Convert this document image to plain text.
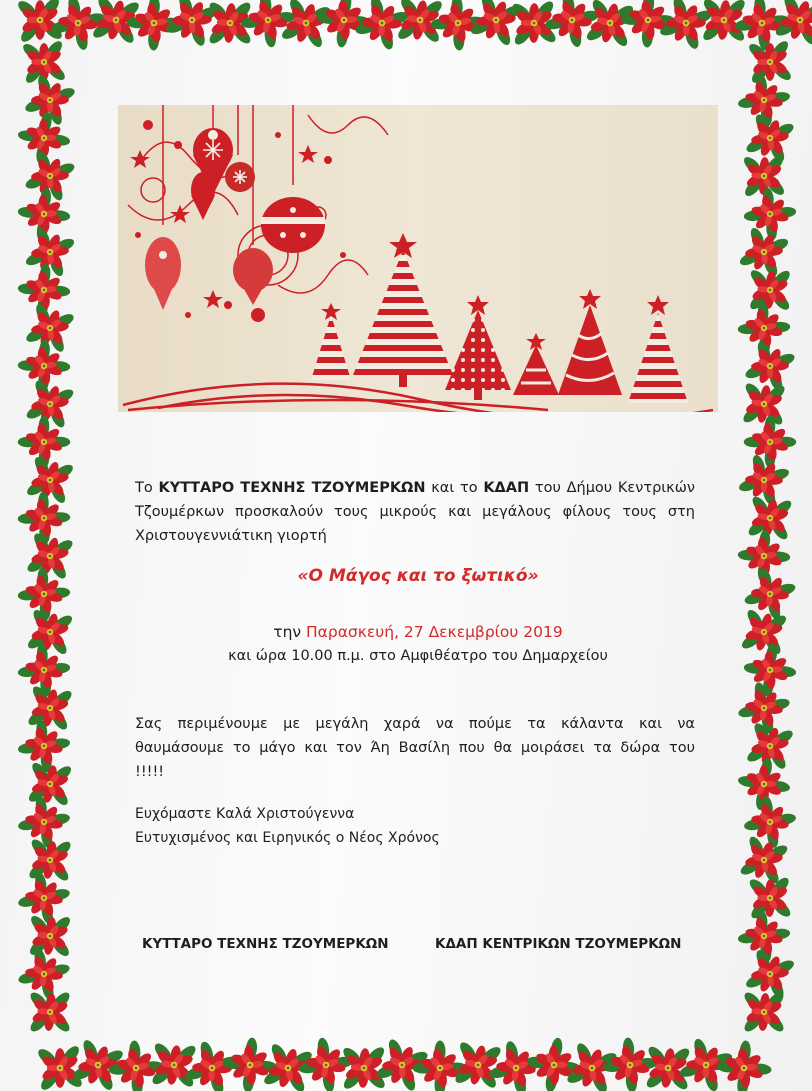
Το ΚΥΤΤΑΡΟ ΤΕΧΝΗΣ ΤΖΟΥΜΕΡΚΩΝ και το ΚΔΑΠ του Δήμου Κεντρικών
Τζουμέρκων προσκαλούν τους μικρούς και μεγάλους φίλους τους στη
Χριστουγεννιάτικη γιορτή
«Ο Μάγος και το ξωτικό»
την Παρασκευή, 27 Δεκεμβρίου 2019
και ώρα 10.00 π.μ. στο Αμφιθέατρο του Δημαρχείου
Σας περιμένουμε με μεγάλη χαρά να πούμε τα κάλαντα και να
θαυμάσουμε το μάγο και τον Άη Βασίλη που θα μοιράσει τα δώρα του
!!!!!
Ευχόμαστε Καλά Χριστούγεννα
Ευτυχισμένος και Ειρηνικός ο Νέος Χρόνος
ΚΥΤΤΑΡΟ ΤΕΧΝΗΣ ΤΖΟΥΜΕΡΚΩΝ	ΚΔΑΠ ΚΕΝΤΡΙΚΩΝ ΤΖΟΥΜΕΡΚΩΝ
